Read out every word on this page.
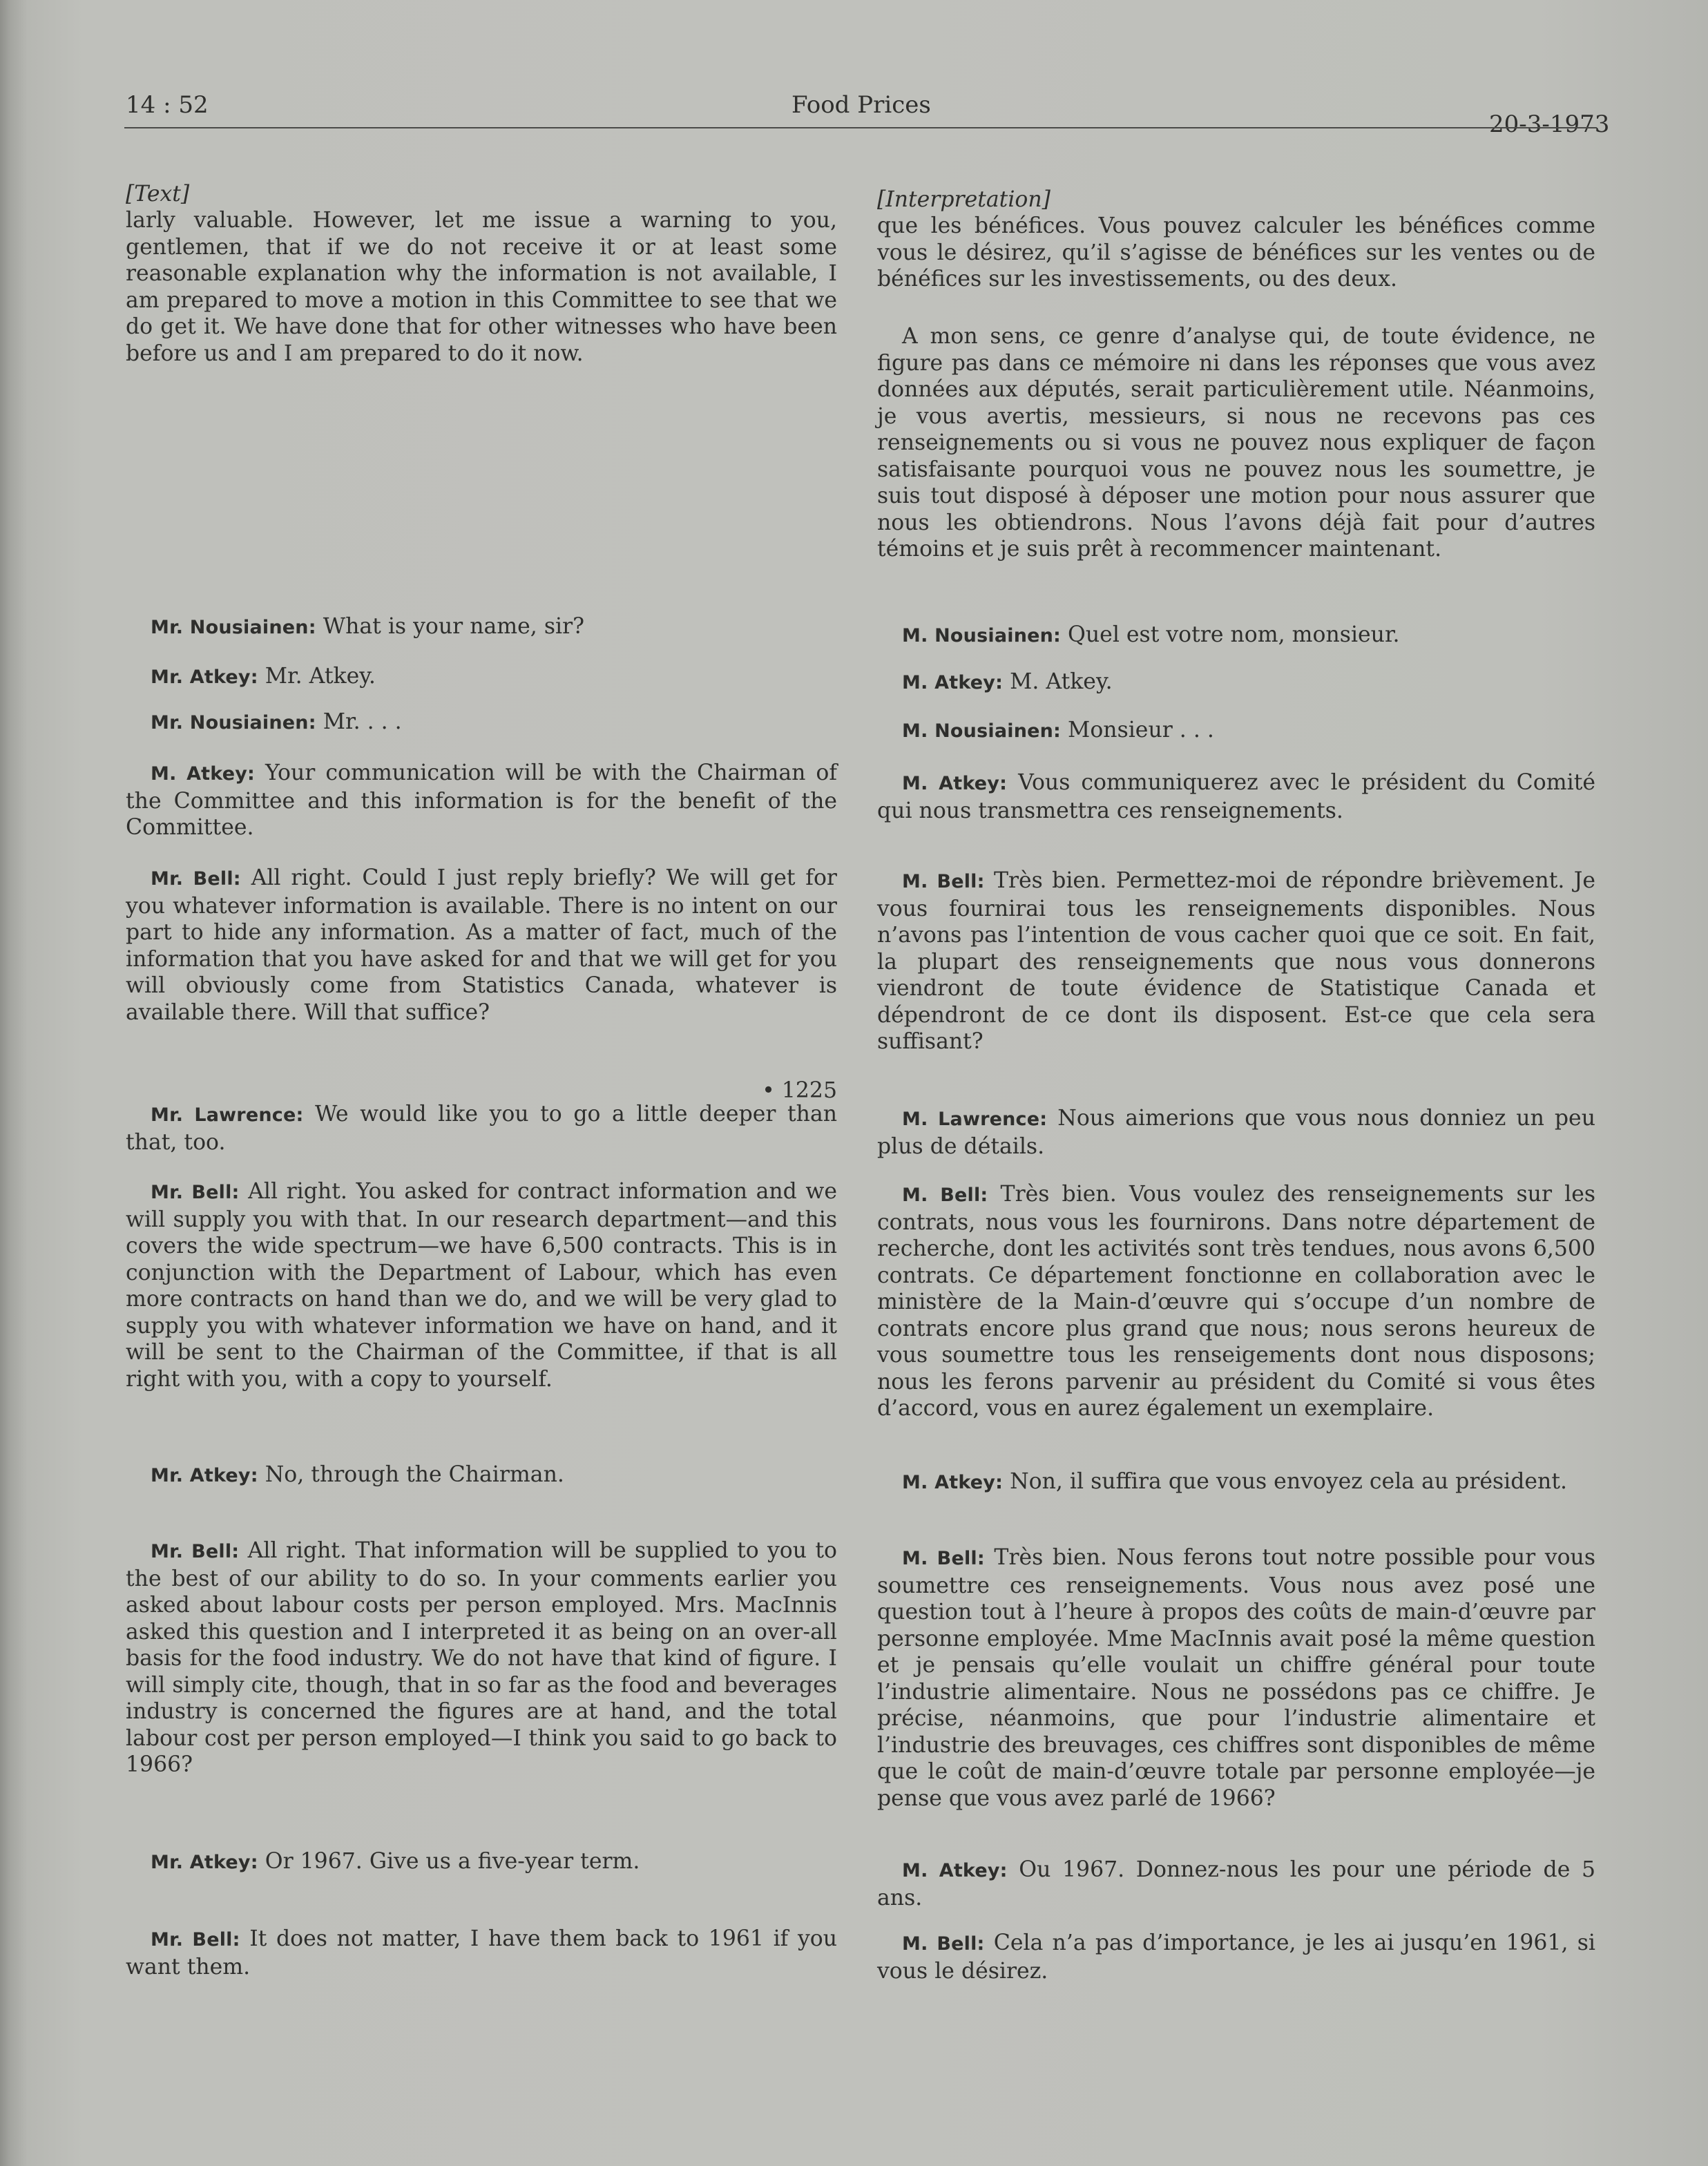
14 : 52	Food Prices
20-3-1973

[Text]

larly valuable. However, let me issue a warning to you, gentlemen, that if we do not receive it or at least some reasonable explanation why the information is not available, I am prepared to move a motion in this Committee to see that we do get it. We have done that for other witnesses who have been before us and I am prepared to do it now.

Mr. Nousiainen: What is your name, sir?

Mr. Atkey: Mr. Atkey.

Mr. Nousiainen: Mr. . . .

M. Atkey: Your communication will be with the Chairman of the Committee and this information is for the benefit of the Committee.

Mr. Bell: All right. Could I just reply briefly? We will get for you whatever information is available. There is no intent on our part to hide any information. As a matter of fact, much of the information that you have asked for and that we will get for you will obviously come from Statistics Canada, whatever is available there. Will that suffice?

• 1225

Mr. Lawrence: We would like you to go a little deeper than that, too.

Mr. Bell: All right. You asked for contract information and we will supply you with that. In our research department—and this covers the wide spectrum—we have 6,500 contracts. This is in conjunction with the Department of Labour, which has even more contracts on hand than we do, and we will be very glad to supply you with whatever information we have on hand, and it will be sent to the Chairman of the Committee, if that is all right with you, with a copy to yourself.

Mr. Atkey: No, through the Chairman.

Mr. Bell: All right. That information will be supplied to you to the best of our ability to do so. In your comments earlier you asked about labour costs per person employed. Mrs. MacInnis asked this question and I interpreted it as being on an over-all basis for the food industry. We do not have that kind of figure. I will simply cite, though, that in so far as the food and beverages industry is concerned the figures are at hand, and the total labour cost per person employed—I think you said to go back to 1966?

Mr. Atkey: Or 1967. Give us a five-year term.

Mr. Bell: It does not matter, I have them back to 1961 if you want them.

[Interpretation]

que les bénéfices. Vous pouvez calculer les bénéfices comme vous le désirez, qu’il s’agisse de bénéfices sur les ventes ou de bénéfices sur les investissements, ou des deux.

A mon sens, ce genre d’analyse qui, de toute évidence, ne figure pas dans ce mémoire ni dans les réponses que vous avez données aux députés, serait particulièrement utile. Néanmoins, je vous avertis, messieurs, si nous ne recevons pas ces renseignements ou si vous ne pouvez nous expliquer de façon satisfaisante pourquoi vous ne pouvez nous les soumettre, je suis tout disposé à déposer une motion pour nous assurer que nous les obtiendrons. Nous l’avons déjà fait pour d’autres témoins et je suis prêt à recommencer maintenant.

M. Nousiainen: Quel est votre nom, monsieur.

M. Atkey: M. Atkey.

M. Nousiainen: Monsieur . . .

M. Atkey: Vous communiquerez avec le président du Comité qui nous transmettra ces renseignements.

M. Bell: Très bien. Permettez-moi de répondre brièvement. Je vous fournirai tous les renseignements disponibles. Nous n’avons pas l’intention de vous cacher quoi que ce soit. En fait, la plupart des renseignements que nous vous donnerons viendront de toute évidence de Statistique Canada et dépendront de ce dont ils disposent. Est-ce que cela sera suffisant?

M. Lawrence: Nous aimerions que vous nous donniez un peu plus de détails.

M. Bell: Très bien. Vous voulez des renseignements sur les contrats, nous vous les fournirons. Dans notre département de recherche, dont les activités sont très tendues, nous avons 6,500 contrats. Ce département fonctionne en collaboration avec le ministère de la Main-d’œuvre qui s’occupe d’un nombre de contrats encore plus grand que nous; nous serons heureux de vous soumettre tous les renseigements dont nous disposons; nous les ferons parvenir au président du Comité si vous êtes d’accord, vous en aurez également un exemplaire.

M. Atkey: Non, il suffira que vous envoyez cela au président.

M. Bell: Très bien. Nous ferons tout notre possible pour vous soumettre ces renseignements. Vous nous avez posé une question tout à l’heure à propos des coûts de main-d’œuvre par personne employée. Mme MacInnis avait posé la même question et je pensais qu’elle voulait un chiffre général pour toute l’industrie alimentaire. Nous ne possédons pas ce chiffre. Je précise, néanmoins, que pour l’industrie alimentaire et l’industrie des breuvages, ces chiffres sont disponibles de même que le coût de main-d’œuvre totale par personne employée—je pense que vous avez parlé de 1966?

M. Atkey: Ou 1967. Donnez-nous les pour une période de 5 ans.

M. Bell: Cela n’a pas d’importance, je les ai jusqu’en 1961, si vous le désirez.
